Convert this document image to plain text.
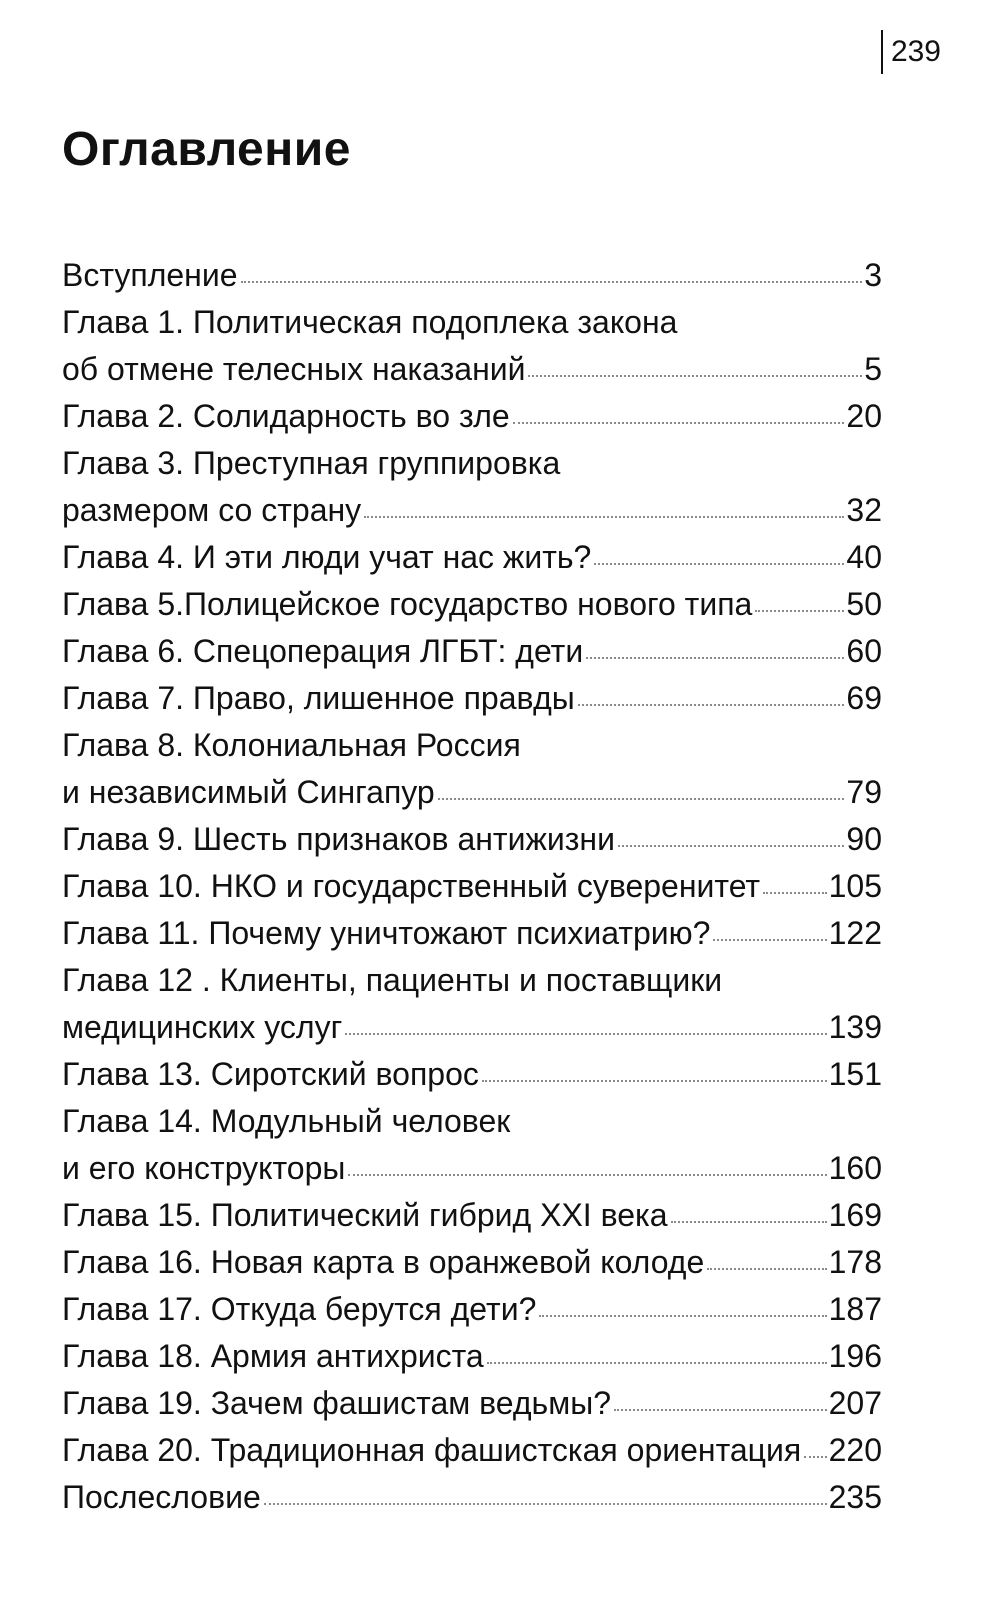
239
Оглавление
Вступление	3
Глава 1. Политическая подоплека закона
об отмене телесных наказаний	5
Глава 2. Солидарность во зле	20
Глава 3. Преступная группировка
размером со страну	32
Глава 4. И эти люди учат нас жить?	40
Глава 5.Полицейское государство нового типа	50
Глава 6. Спецоперация ЛГБТ: дети	60
Глава 7. Право, лишенное правды	69
Глава 8. Колониальная Россия
и независимый Сингапур	79
Глава 9. Шесть признаков антижизни	90
Глава 10. НКО и государственный суверенитет 105
Глава 11. Почему уничтожают психиатрию?	122
Глава 12 . Клиенты, пациенты и поставщики
медицинских услуг	139
Глава 13. Сиротский вопрос	151
Глава 14. Модульный человек
и его конструкторы	160
Глава 15. Политический гибрид XXI века	169
Глава 16. Новая карта в оранжевой колоде	178
Глава 17. Откуда берутся дети?	187
Глава 18. Армия антихриста	196
Глава 19. Зачем фашистам ведьмы?	207
Глава 20. Традиционная фашистская ориентация 220
Послесловие	235
